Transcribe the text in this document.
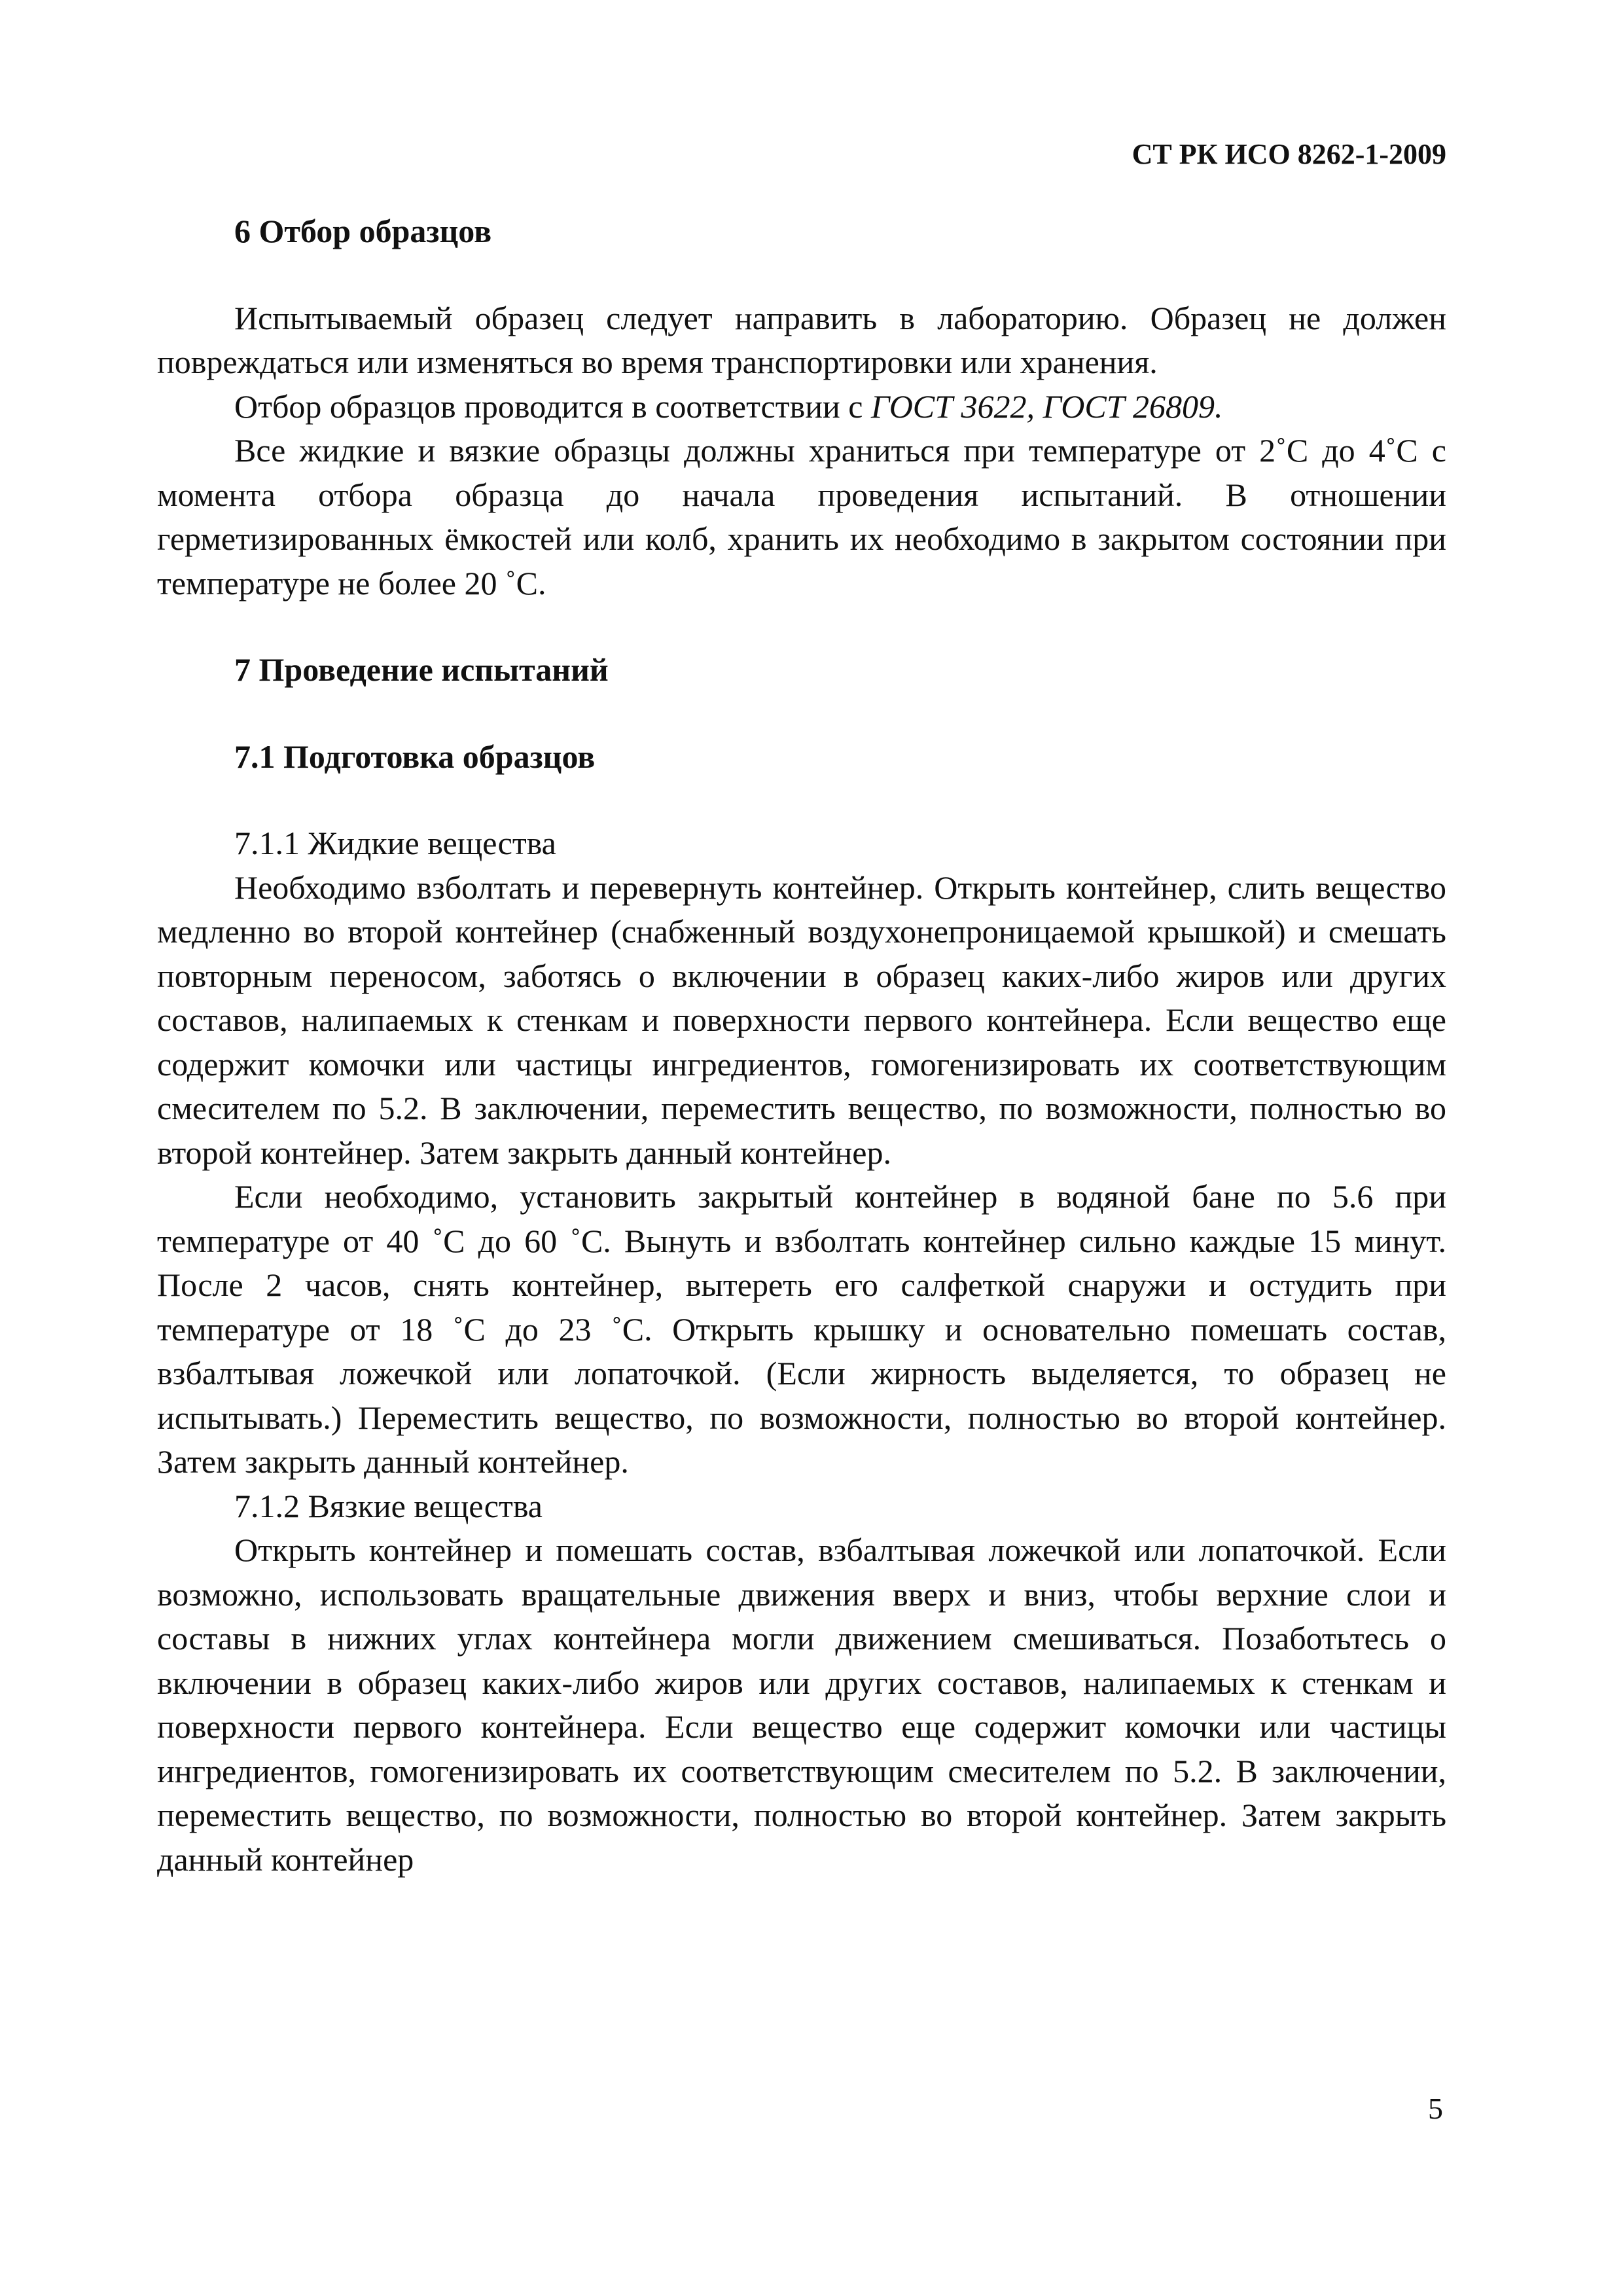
СТ РК ИСО 8262-1-2009

6 Отбор образцов

Испытываемый образец следует направить в лабораторию. Образец не должен повреждаться или изменяться во время транспортировки или хранения.

Отбор образцов проводится в соответствии с ГОСТ 3622, ГОСТ 26809.

Все жидкие и вязкие образцы должны храниться при температуре от 2˚С до 4˚С с момента отбора образца до начала проведения испытаний. В отношении герметизированных ёмкостей или колб, хранить их необходимо в закрытом состоянии при температуре не более 20 ˚С.

7 Проведение испытаний

7.1 Подготовка образцов

7.1.1 Жидкие вещества

Необходимо взболтать и перевернуть контейнер. Открыть контейнер, слить вещество медленно во второй контейнер (снабженный воздухонепроницаемой крышкой) и смешать повторным переносом, заботясь о включении в образец каких-либо жиров или других составов, налипаемых к стенкам и поверхности первого контейнера. Если вещество еще содержит комочки или частицы ингредиентов, гомогенизировать их соответствующим смесителем по 5.2. В заключении, переместить вещество, по возможности, полностью во второй контейнер. Затем закрыть данный контейнер.

Если необходимо, установить закрытый контейнер в водяной бане по 5.6 при температуре от 40 ˚С до 60 ˚С. Вынуть и взболтать контейнер сильно каждые 15 минут. После 2 часов, снять контейнер, вытереть его салфеткой снаружи и остудить при температуре от 18 ˚С до 23 ˚С. Открыть крышку и основательно помешать состав, взбалтывая ложечкой или лопаточкой. (Если жирность выделяется, то образец не испытывать.) Переместить вещество, по возможности, полностью во второй контейнер. Затем закрыть данный контейнер.

7.1.2 Вязкие вещества

Открыть контейнер и помешать состав, взбалтывая ложечкой или лопаточкой. Если возможно, использовать вращательные движения вверх и вниз, чтобы верхние слои и составы в нижних углах контейнера могли движением смешиваться. Позаботьтесь о включении в образец каких-либо жиров или других составов, налипаемых к стенкам и поверхности первого контейнера. Если вещество еще содержит комочки или частицы ингредиентов, гомогенизировать их соответствующим смесителем по 5.2. В заключении, переместить вещество, по возможности, полностью во второй контейнер. Затем закрыть данный контейнер

5
